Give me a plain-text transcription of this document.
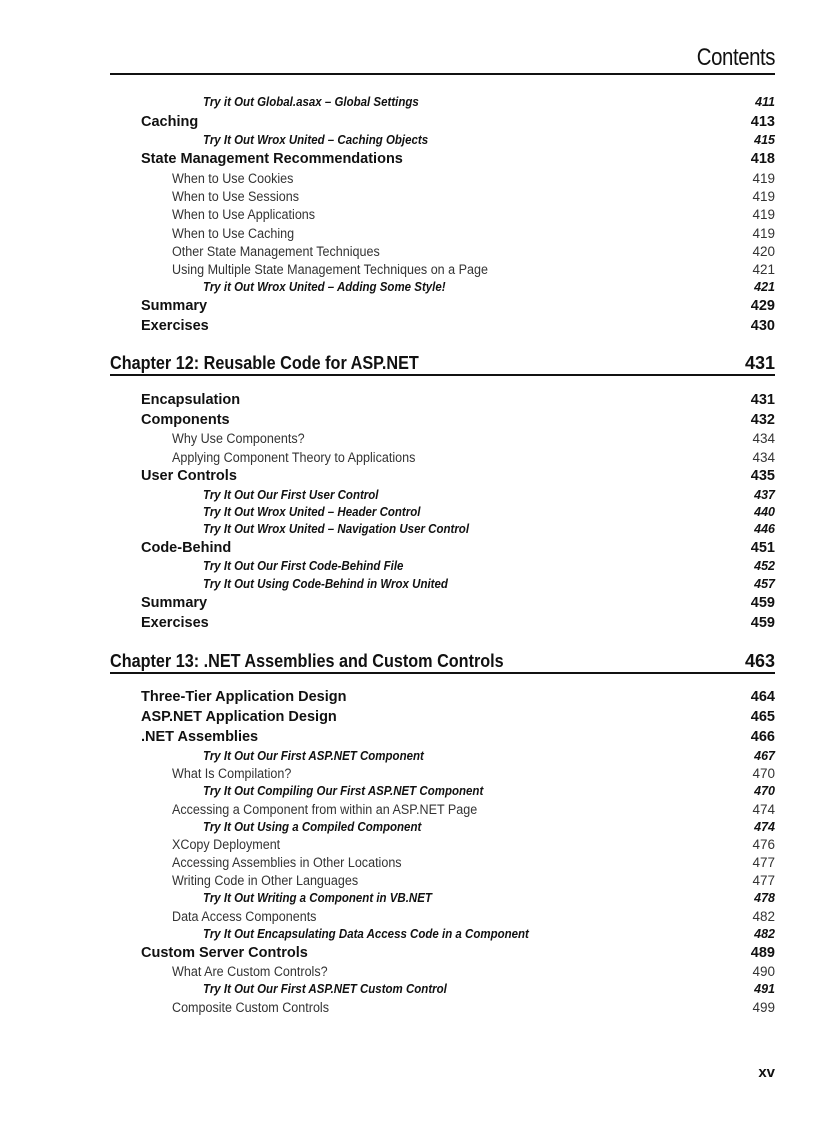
Contents
Try it Out Global.asax – Global Settings	411
Caching	413
Try It Out Wrox United – Caching Objects	415
State Management Recommendations	418
When to Use Cookies	419
When to Use Sessions	419
When to Use Applications	419
When to Use Caching	419
Other State Management Techniques	420
Using Multiple State Management Techniques on a Page	421
Try it Out Wrox United – Adding Some Style!	421
Summary	429
Exercises	430
Chapter 12: Reusable Code for ASP.NET	431
Encapsulation	431
Components	432
Why Use Components?	434
Applying Component Theory to Applications	434
User Controls	435
Try It Out Our First User Control	437
Try It Out Wrox United – Header Control	440
Try It Out Wrox United – Navigation User Control	446
Code-Behind	451
Try It Out Our First Code-Behind File	452
Try It Out Using Code-Behind in Wrox United	457
Summary	459
Exercises	459
Chapter 13: .NET Assemblies and Custom Controls	463
Three-Tier Application Design	464
ASP.NET Application Design	465
.NET Assemblies	466
Try It Out Our First ASP.NET Component	467
What Is Compilation?	470
Try It Out Compiling Our First ASP.NET Component	470
Accessing a Component from within an ASP.NET Page	474
Try It Out Using a Compiled Component	474
XCopy Deployment	476
Accessing Assemblies in Other Locations	477
Writing Code in Other Languages	477
Try It Out Writing a Component in VB.NET	478
Data Access Components	482
Try It Out Encapsulating Data Access Code in a Component	482
Custom Server Controls	489
What Are Custom Controls?	490
Try It Out Our First ASP.NET Custom Control	491
Composite Custom Controls	499
xv
